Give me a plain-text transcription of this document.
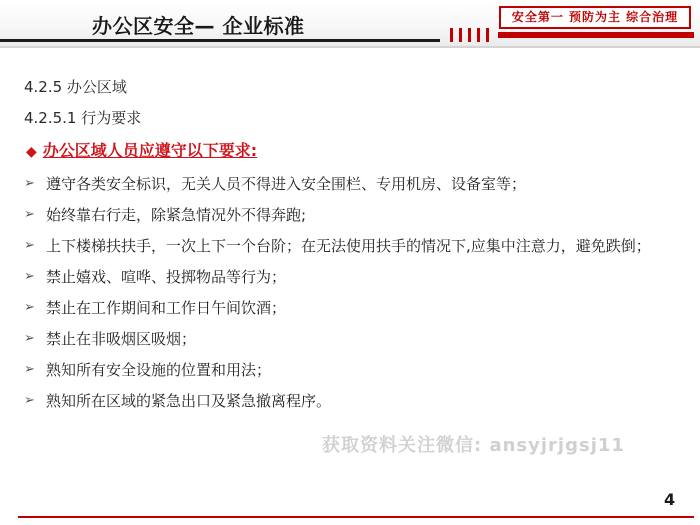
办公区安全— 企业标准	安全第一 预防为主 综合治理
4.2.5 办公区域
4.2.5.1 行为要求
◆ 办公区域人员应遵守以下要求:
➢ 遵守各类安全标识，无关人员不得进入安全围栏、专用机房、设备室等；
➢ 始终靠右行走，除紧急情况外不得奔跑;
➢ 上下楼梯扶扶手，一次上下一个台阶；在无法使用扶手的情况下,应集中注意力，避免跌倒；
➢ 禁止嬉戏、喧哗、投掷物品等行为；
➢ 禁止在工作期间和工作日午间饮酒；
➢ 禁止在非吸烟区吸烟；
➢ 熟知所有安全设施的位置和用法；
➢ 熟知所在区域的紧急出口及紧急撤离程序。
获取资料关注微信: ansyjrjgsj11
4
